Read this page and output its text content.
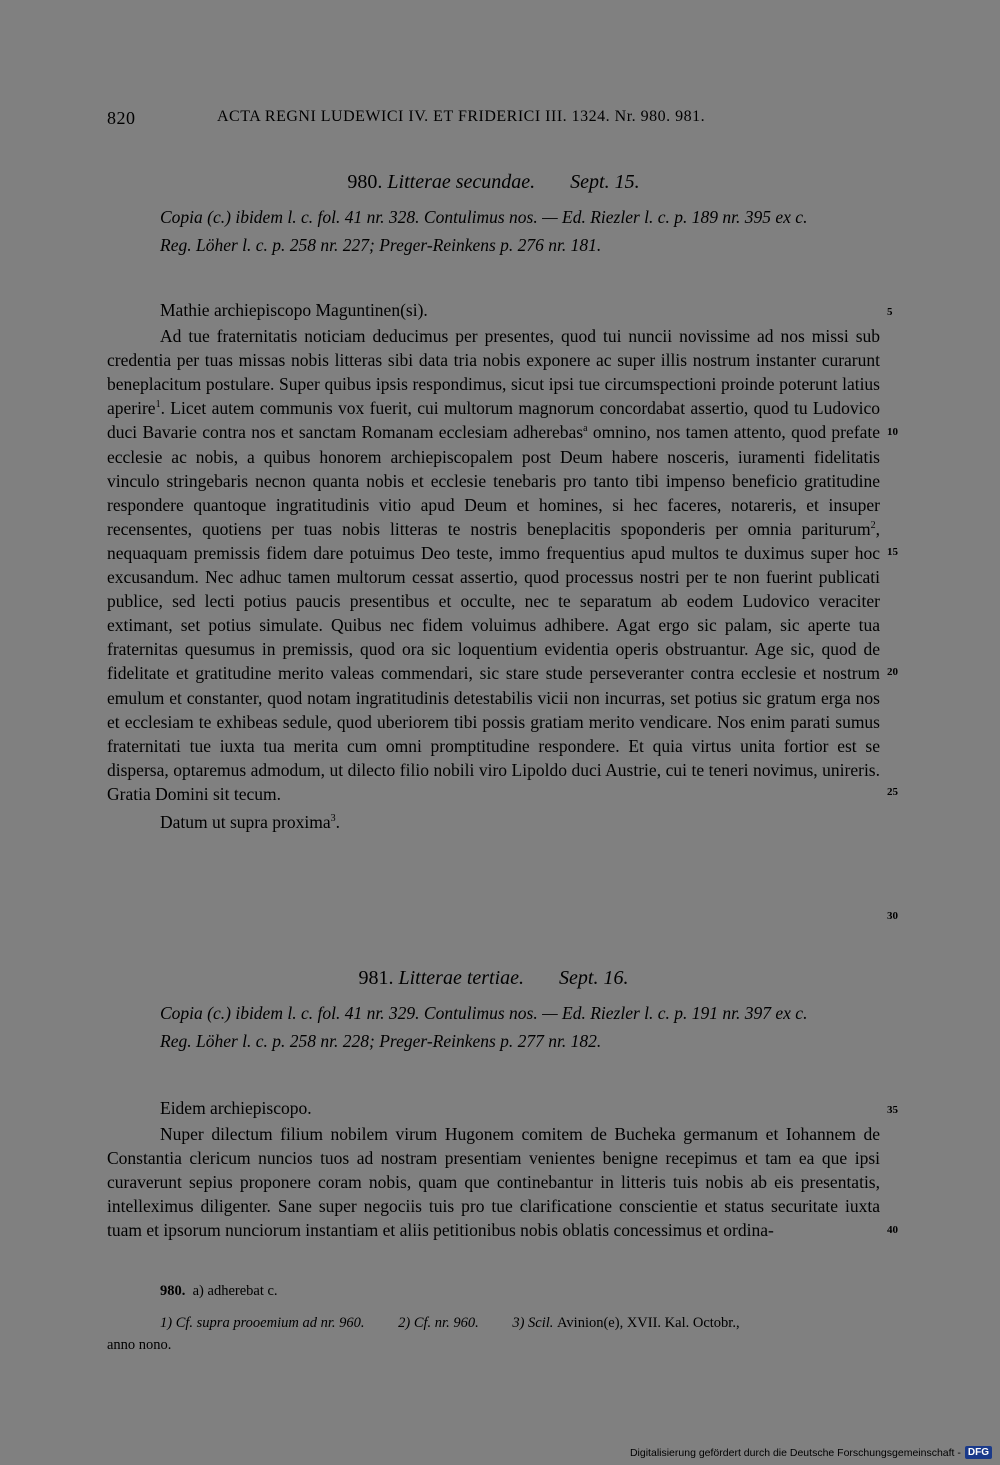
820	ACTA REGNI LUDEWICI IV. ET FRIDERICI III. 1324. Nr. 980. 981.
980. Litterae secundae. Sept. 15.

Copia (c.) ibidem l. c. fol. 41 nr. 328. Contulimus nos. — Ed. Riezler l. c. p. 189 nr. 395 ex c.

Reg. Löher l. c. p. 258 nr. 227; Preger-Reinkens p. 276 nr. 181.

Mathie archiepiscopo Maguntinen(si).

Ad tue fraternitatis noticiam deducimus per presentes, quod tui nuncii novissime ad nos missi sub credentia per tuas missas nobis litteras sibi data tria nobis exponere ac super illis nostrum instanter curarunt beneplacitum postulare. Super quibus ipsis respondimus, sicut ipsi tue circumspectioni proinde poterunt latius aperire$^1$. Licet autem communis vox fuerit, cui multorum magnorum concordabat assertio, quod tu Ludovico duci Bavarie contra nos et sanctam Romanam ecclesiam adherebas$^a$ omnino, nos tamen attento, quod prefate ecclesie ac nobis, a quibus honorem archiepiscopalem post Deum habere nosceris, iuramenti fidelitatis vinculo stringebaris necnon quanta nobis et ecclesie tenebaris pro tanto tibi impenso beneficio gratitudine respondere quantoque ingratitudinis vitio apud Deum et homines, si hec faceres, notareris, et insuper recensentes, quotiens per tuas nobis litteras te nostris beneplacitis spoponderis per omnia pariturum$^2$, nequaquam premissis fidem dare potuimus Deo teste, immo frequentius apud multos te duximus super hoc excusandum. Nec adhuc tamen multorum cessat assertio, quod processus nostri per te non fuerint publicati publice, sed lecti potius paucis presentibus et occulte, nec te separatum ab eodem Ludovico veraciter extimant, set potius simulate. Quibus nec fidem voluimus adhibere. Agat ergo sic palam, sic aperte tua fraternitas quesumus in premissis, quod ora sic loquentium evidentia operis obstruantur. Age sic, quod de fidelitate et gratitudine merito valeas commendari, sic stare stude perseveranter contra ecclesie et nostrum emulum et constanter, quod notam ingratitudinis detestabilis vicii non incurras, set potius sic gratum erga nos et ecclesiam te exhibeas sedule, quod uberiorem tibi possis gratiam merito vendicare. Nos enim parati sumus fraternitati tue iuxta tua merita cum omni promptitudine respondere. Et quia virtus unita fortior est se dispersa, optaremus admodum, ut dilecto filio nobili viro Lipoldo duci Austrie, cui te teneri novimus, unireris. Gratia Domini sit tecum.

Datum ut supra proxima$^3$.

981. Litterae tertiae. Sept. 16.

Copia (c.) ibidem l. c. fol. 41 nr. 329. Contulimus nos. — Ed. Riezler l. c. p. 191 nr. 397 ex c.

Reg. Löher l. c. p. 258 nr. 228; Preger-Reinkens p. 277 nr. 182.

Eidem archiepiscopo.

Nuper dilectum filium nobilem virum Hugonem comitem de Bucheka germanum et Iohannem de Constantia clericum nuncios tuos ad nostram presentiam venientes benigne recepimus et tam ea que ipsi curaverunt sepius proponere coram nobis, quam que continebantur in litteris tuis nobis ab eis presentatis, intelleximus diligenter. Sane super negociis tuis pro tue clarificatione conscientie et status securitate iuxta tuam et ipsorum nunciorum instantiam et aliis petitionibus nobis oblatis concessimus et ordina-

980. a) adherebat c.

1) Cf. supra prooemium ad nr. 960. 2) Cf. nr. 960. 3) Scil. Avinion(e), XVII. Kal. Octobr.,

anno nono.

5
10
15
20
25
30
35
40
Digitalisierung gefördert durch die Deutsche Forschungsgemeinschaft - DFG
